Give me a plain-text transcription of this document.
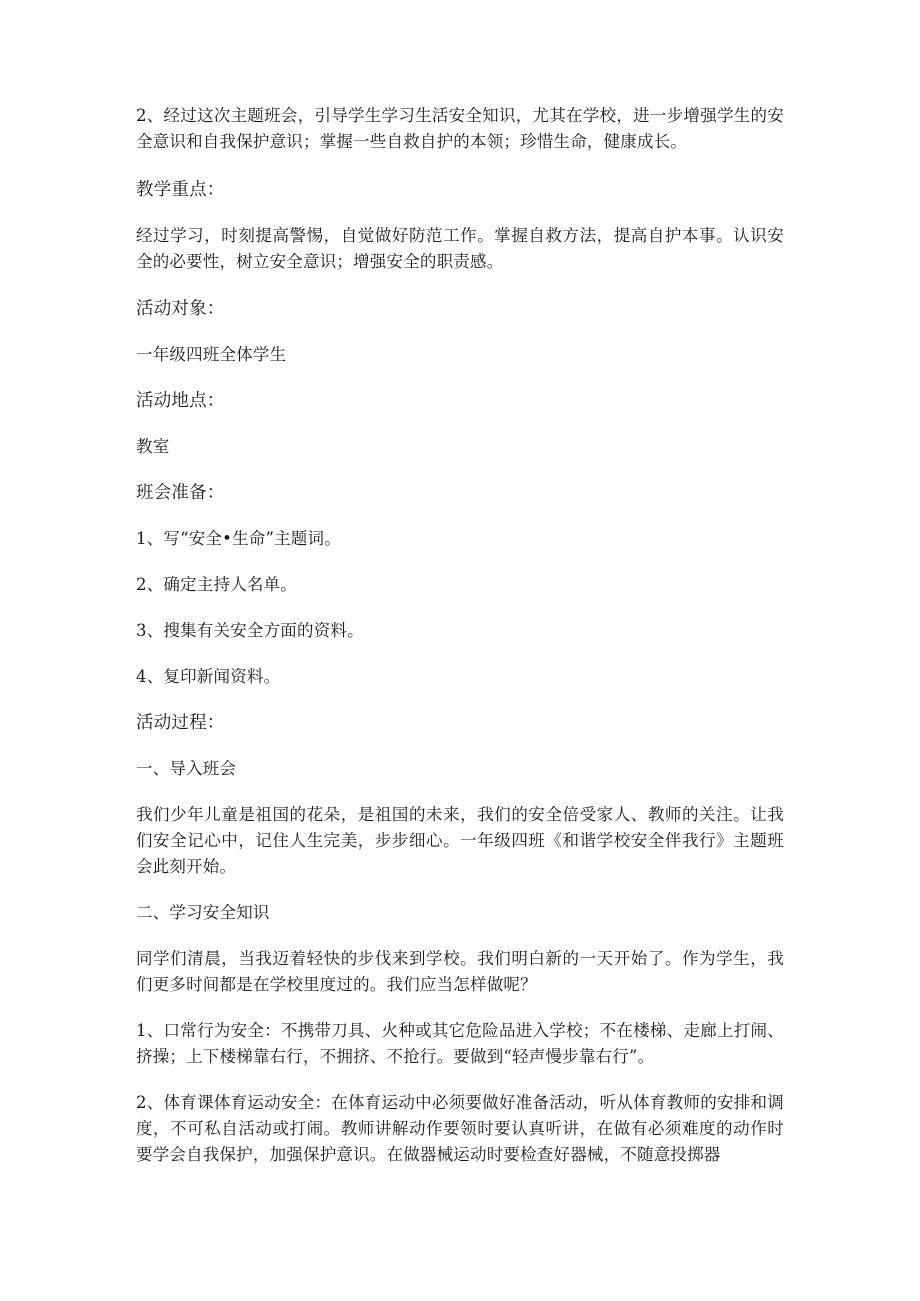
2、经过这次主题班会，引导学生学习生活安全知识，尤其在学校，进一步增强学生的安全意识和自我保护意识；掌握一些自救自护的本领；珍惜生命，健康成长。

教学重点：

经过学习，时刻提高警惕，自觉做好防范工作。掌握自救方法，提高自护本事。认识安全的必要性，树立安全意识；增强安全的职责感。

活动对象：

一年级四班全体学生

活动地点：

教室

班会准备：

1、写“安全•生命”主题词。

2、确定主持人名单。

3、搜集有关安全方面的资料。

4、复印新闻资料。

活动过程：

一、导入班会

我们少年儿童是祖国的花朵，是祖国的未来，我们的安全倍受家人、教师的关注。让我们安全记心中，记住人生完美，步步细心。一年级四班《和谐学校安全伴我行》主题班会此刻开始。

二、学习安全知识

同学们清晨，当我迈着轻快的步伐来到学校。我们明白新的一天开始了。作为学生，我们更多时间都是在学校里度过的。我们应当怎样做呢？

1、口常行为安全：不携带刀具、火种或其它危险品进入学校；不在楼梯、走廊上打闹、挤操；上下楼梯靠右行，不拥挤、不抢行。要做到“轻声慢步靠右行”。

2、体育课体育运动安全：在体育运动中必须要做好准备活动，听从体育教师的安排和调度，不可私自活动或打闹。教师讲解动作要领时要认真听讲，在做有必须难度的动作时要学会自我保护，加强保护意识。在做器械运动时要检查好器械，不随意投掷器
